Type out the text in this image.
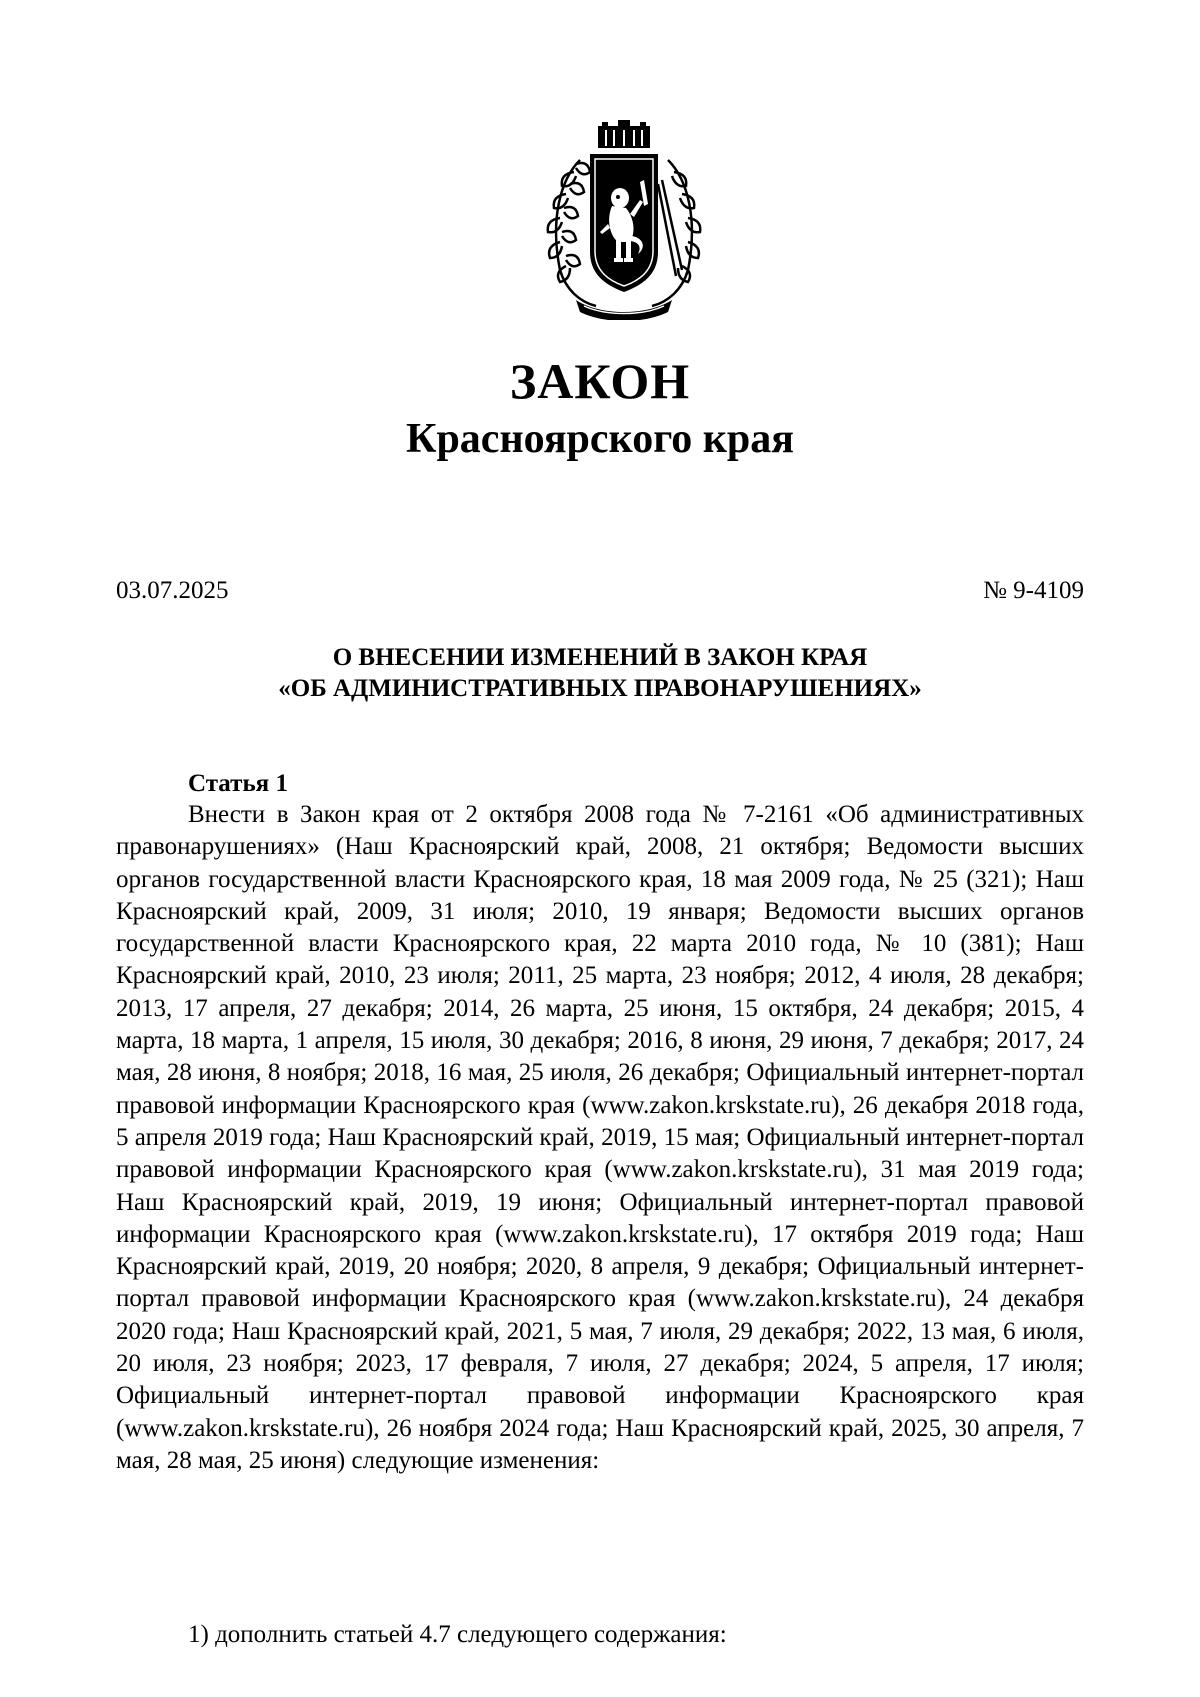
ЗАКОН
Красноярского края
03.07.2025	№ 9-4109
О ВНЕСЕНИИ ИЗМЕНЕНИЙ В ЗАКОН КРАЯ
«ОБ АДМИНИСТРАТИВНЫХ ПРАВОНАРУШЕНИЯХ»
Статья 1
Внести в Закон края от 2 октября 2008 года № 7-2161 «Об административных правонарушениях» (Наш Красноярский край, 2008, 21 октября; Ведомости высших органов государственной власти Красноярского края, 18 мая 2009 года, № 25 (321); Наш Красноярский край, 2009, 31 июля; 2010, 19 января; Ведомости высших органов государственной власти Красноярского края, 22 марта 2010 года, № 10 (381); Наш Красноярский край, 2010, 23 июля; 2011, 25 марта, 23 ноября; 2012, 4 июля, 28 декабря; 2013, 17 апреля, 27 декабря; 2014, 26 марта, 25 июня, 15 октября, 24 декабря; 2015, 4 марта, 18 марта, 1 апреля, 15 июля, 30 декабря; 2016, 8 июня, 29 июня, 7 декабря; 2017, 24 мая, 28 июня, 8 ноября; 2018, 16 мая, 25 июля, 26 декабря; Официальный интернет-портал правовой информации Красноярского края (www.zakon.krskstate.ru), 26 декабря 2018 года, 5 апреля 2019 года; Наш Красноярский край, 2019, 15 мая; Официальный интернет-портал правовой информации Красноярского края (www.zakon.krskstate.ru), 31 мая 2019 года; Наш Красноярский край, 2019, 19 июня; Официальный интернет-портал правовой информации Красноярского края (www.zakon.krskstate.ru), 17 октября 2019 года; Наш Красноярский край, 2019, 20 ноября; 2020, 8 апреля, 9 декабря; Официальный интернет-портал правовой информации Красноярского края (www.zakon.krskstate.ru), 24 декабря 2020 года; Наш Красноярский край, 2021, 5 мая, 7 июля, 29 декабря; 2022, 13 мая, 6 июля, 20 июля, 23 ноября; 2023, 17 февраля, 7 июля, 27 декабря; 2024, 5 апреля, 17 июля; Официальный интернет-портал правовой информации Красноярского края (www.zakon.krskstate.ru), 26 ноября 2024 года; Наш Красноярский край, 2025, 30 апреля, 7 мая, 28 мая, 25 июня) следующие изменения:
1) дополнить статьей 4.7 следующего содержания:
